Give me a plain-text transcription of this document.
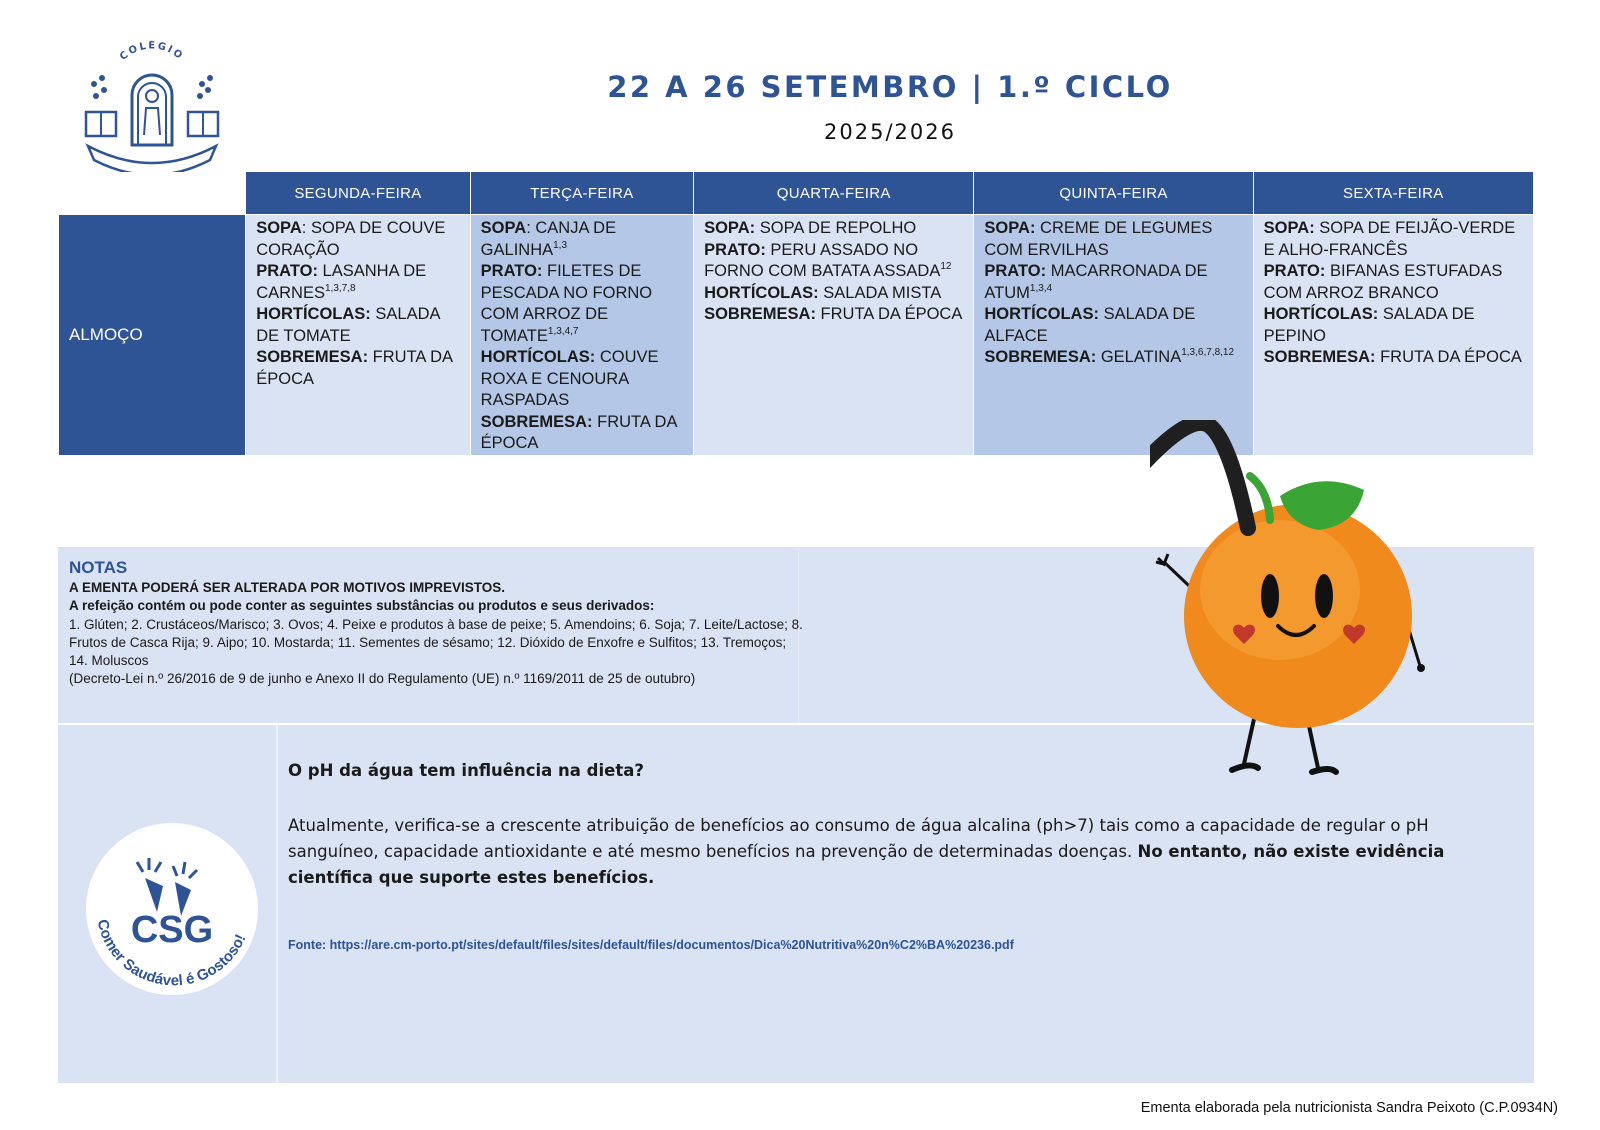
COLÉGIO
22 A 26 SETEMBRO | 1.º CICLO
2025/2026
	SEGUNDA-FEIRA	TERÇA-FEIRA	QUARTA-FEIRA	QUINTA-FEIRA	SEXTA-FEIRA
ALMOÇO	SOPA: SOPA DE COUVE CORAÇÃO
PRATO: LASANHA DE CARNES$^{1,3,7,8}$
HORTÍCOLAS: SALADA DE TOMATE
SOBREMESA: FRUTA DA ÉPOCA	SOPA: CANJA DE GALINHA$^{1,3}$
PRATO: FILETES DE PESCADA NO FORNO COM ARROZ DE TOMATE$^{1,3,4,7}$
HORTÍCOLAS: COUVE ROXA E CENOURA RASPADAS
SOBREMESA: FRUTA DA ÉPOCA	SOPA: SOPA DE REPOLHO
PRATO: PERU ASSADO NO FORNO COM BATATA ASSADA$^{12}$
HORTÍCOLAS: SALADA MISTA
SOBREMESA: FRUTA DA ÉPOCA	SOPA: CREME DE LEGUMES COM ERVILHAS
PRATO: MACARRONADA DE ATUM$^{1,3,4}$
HORTÍCOLAS: SALADA DE ALFACE
SOBREMESA: GELATINA$^{1,3,6,7,8,12}$	SOPA: SOPA DE FEIJÃO-VERDE E ALHO-FRANCÊS
PRATO: BIFANAS ESTUFADAS COM ARROZ BRANCO
HORTÍCOLAS: SALADA DE PEPINO
SOBREMESA: FRUTA DA ÉPOCA
NOTAS
A EMENTA PODERÁ SER ALTERADA POR MOTIVOS IMPREVISTOS.
A refeição contém ou pode conter as seguintes substâncias ou produtos e seus derivados:
1. Glúten; 2. Crustáceos/Marisco; 3. Ovos; 4. Peixe e produtos à base de peixe; 5. Amendoins; 6. Soja; 7. Leite/Lactose; 8. Frutos de Casca Rija; 9. Aipo; 10. Mostarda; 11. Sementes de sésamo; 12. Dióxido de Enxofre e Sulfitos; 13. Tremoços; 14. Moluscos
(Decreto-Lei n.º 26/2016 de 9 de junho e Anexo II do Regulamento (UE) n.º 1169/2011 de 25 de outubro)
CSG
Comer Saudável é Gostoso!
O pH da água tem influência na dieta?
Atualmente, verifica-se a crescente atribuição de benefícios ao consumo de água alcalina (ph>7) tais como a capacidade de regular o pH sanguíneo, capacidade antioxidante e até mesmo benefícios na prevenção de determinadas doenças. No entanto, não existe evidência científica que suporte estes benefícios.
Fonte: https://are.cm-porto.pt/sites/default/files/sites/default/files/documentos/Dica%20Nutritiva%20n%C2%BA%20236.pdf
Ementa elaborada pela nutricionista Sandra Peixoto (C.P.0934N)
